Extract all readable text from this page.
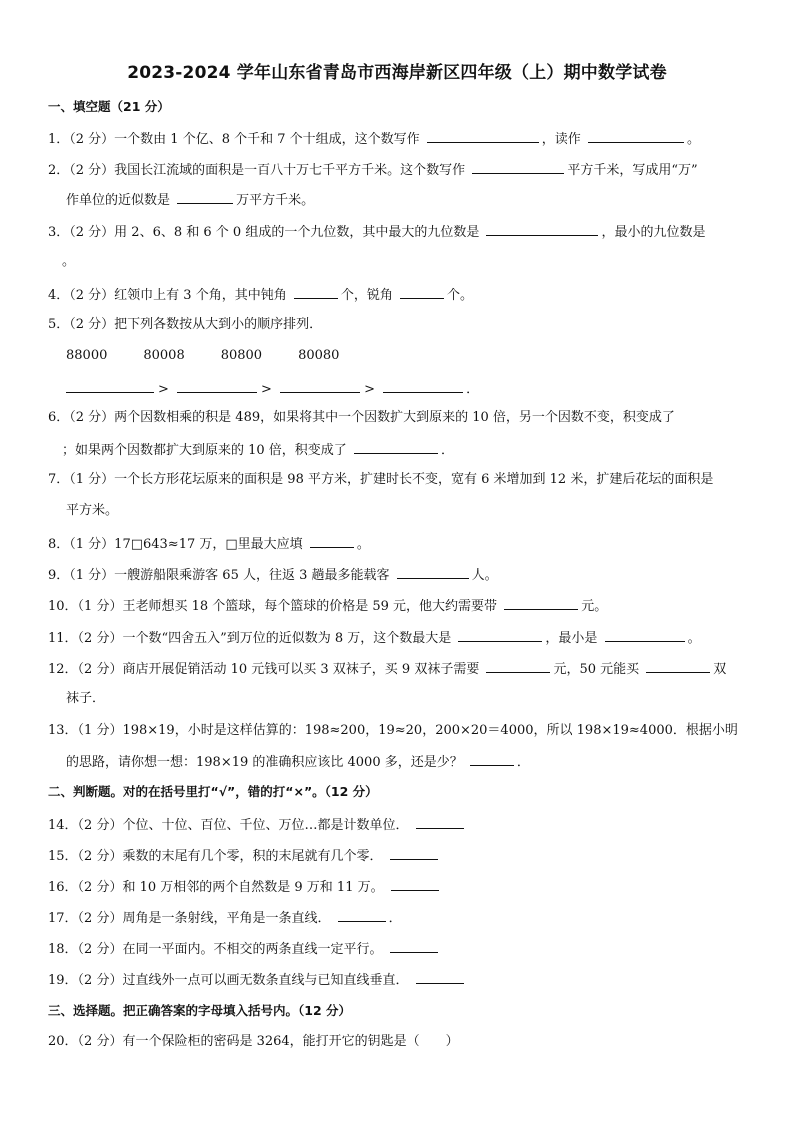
2023-2024 学年山东省青岛市西海岸新区四年级（上）期中数学试卷
一、填空题（21 分）
1．（2 分）一个数由 1 个亿、8 个千和 7 个十组成，这个数写作	，读作	。
2．（2 分）我国长江流域的面积是一百八十万七千平方千米。这个数写作	平方千米，写成用“万”
作单位的近似数是	万平方千米。
3．（2 分）用 2、6、8 和 6 个 0 组成的一个九位数，其中最大的九位数是	，最小的九位数是
。
4．（2 分）红领巾上有 3 个角，其中钝角	个，锐角	个。
5．（2 分）把下列各数按从大到小的顺序排列．
88000	80008	80800	80080
>	>	>	．
6．（2 分）两个因数相乘的积是 489，如果将其中一个因数扩大到原来的 10 倍，另一个因数不变，积变成了
；如果两个因数都扩大到原来的 10 倍，积变成了	．
7．（1 分）一个长方形花坛原来的面积是 98 平方米，扩建时长不变，宽有 6 米增加到 12 米，扩建后花坛的面积是
平方米。
8．（1 分）17□643≈17 万，□里最大应填	。
9．（1 分）一艘游船限乘游客 65 人，往返 3 趟最多能载客	人。
10．（1 分）王老师想买 18 个篮球，每个篮球的价格是 59 元，他大约需要带	元。
11．（2 分）一个数“四舍五入”到万位的近似数为 8 万，这个数最大是	，最小是	。
12．（2 分）商店开展促销活动 10 元钱可以买 3 双袜子，买 9 双袜子需要	元，50 元能买	双
袜子．
13．（1 分）198×19，小时是这样估算的：198≈200，19≈20，200×20＝4000，所以 198×19≈4000．根据小明
的思路，请你想一想：198×19 的准确积应该比 4000 多，还是少？	．
二、判断题。对的在括号里打“√”，错的打“×”。（12 分）
14．（2 分）个位、十位、百位、千位、万位…都是计数单位．
15．（2 分）乘数的末尾有几个零，积的末尾就有几个零．
16．（2 分）和 10 万相邻的两个自然数是 9 万和 11 万。
17．（2 分）周角是一条射线，平角是一条直线．	．
18．（2 分）在同一平面内。不相交的两条直线一定平行。
19．（2 分）过直线外一点可以画无数条直线与已知直线垂直．
三、选择题。把正确答案的字母填入括号内。（12 分）
20．（2 分）有一个保险柜的密码是 3264，能打开它的钥匙是（　　）
